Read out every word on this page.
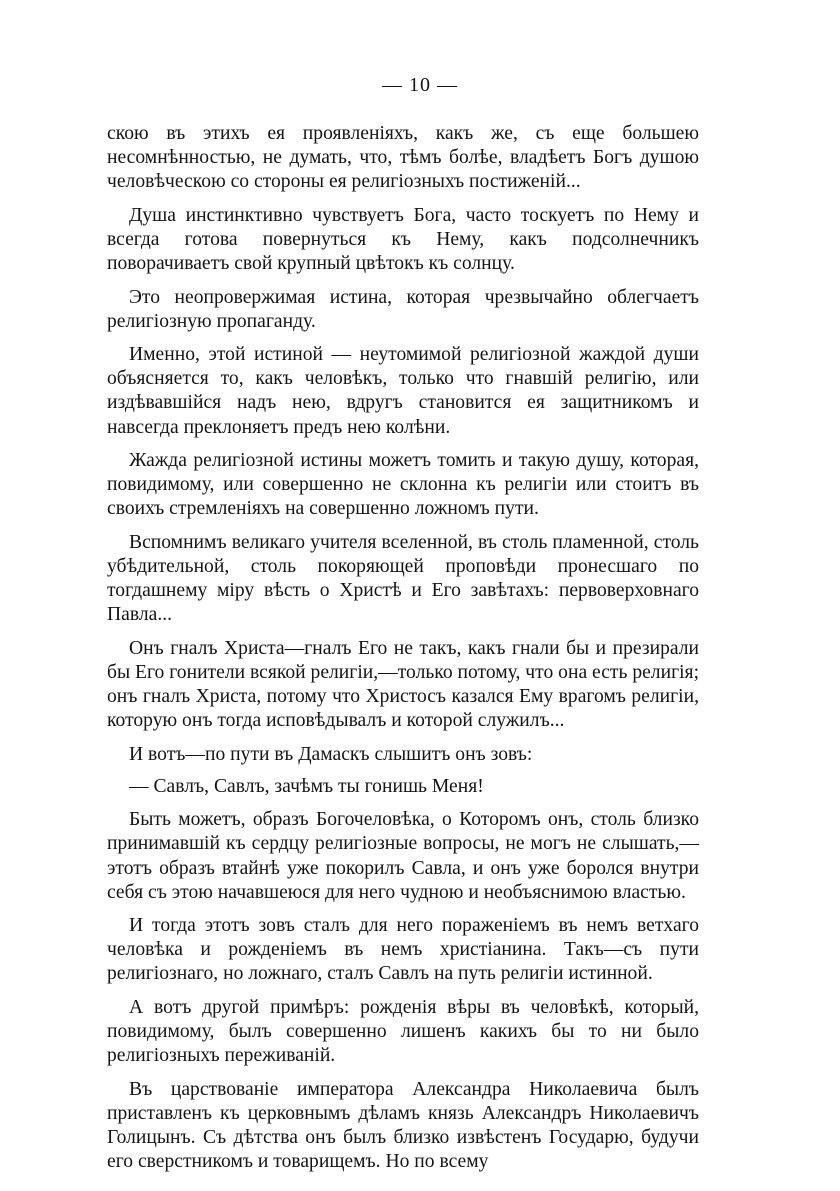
— 10 —

скою въ этихъ ея проявленіяхъ, какъ же, съ еще большею несомнѣнностью, не думать, что, тѣмъ болѣе, владѣетъ Богъ душою человѣческою со стороны ея религіозныхъ постиженій...

Душа инстинктивно чувствуетъ Бога, часто тоскуетъ по Нему и всегда готова повернуться къ Нему, какъ подсолнечникъ поворачиваетъ свой крупный цвѣтокъ къ солнцу.

Это неопровержимая истина, которая чрезвычайно облегчаетъ религіозную пропаганду.

Именно, этой истиной — неутомимой религіозной жаждой души объясняется то, какъ человѣкъ, только что гнавшій религію, или издѣвавшійся надъ нею, вдругъ становится ея защитникомъ и навсегда преклоняетъ предъ нею колѣни.

Жажда религіозной истины можетъ томить и такую душу, которая, повидимому, или совершенно не склонна къ религіи или стоитъ въ своихъ стремленіяхъ на совершенно ложномъ пути.

Вспомнимъ великаго учителя вселенной, въ столь пламенной, столь убѣдительной, столь покоряющей проповѣди пронесшаго по тогдашнему міру вѣсть о Христѣ и Его завѣтахъ: первоверховнаго Павла...

Онъ гналъ Христа—гналъ Его не такъ, какъ гнали бы и презирали бы Его гонители всякой религіи,—только потому, что она есть религія; онъ гналъ Христа, потому что Христосъ казался Ему врагомъ религіи, которую онъ тогда исповѣдывалъ и которой служилъ...

И вотъ—по пути въ Дамаскъ слышитъ онъ зовъ:

— Савлъ, Савлъ, зачѣмъ ты гонишь Меня!

Быть можетъ, образъ Богочеловѣка, о Которомъ онъ, столь близко принимавшій къ сердцу религіозные вопросы, не могъ не слышать,—этотъ образъ втайнѣ уже покорилъ Савла, и онъ уже боролся внутри себя съ этою начавшеюся для него чудною и необъяснимою властью.

И тогда этотъ зовъ сталъ для него пораженіемъ въ немъ ветхаго человѣка и рожденіемъ въ немъ христіанина. Такъ—съ пути религіознаго, но ложнаго, сталъ Савлъ на путь религіи истинной.

А вотъ другой примѣръ: рожденія вѣры въ человѣкѣ, который, повидимому, былъ совершенно лишенъ какихъ бы то ни было религіозныхъ переживаній.

Въ царствованіе императора Александра Николаевича былъ приставленъ къ церковнымъ дѣламъ князь Александръ Николаевичъ Голицынъ. Съ дѣтства онъ былъ близко извѣстенъ Государю, будучи его сверстникомъ и товарищемъ. Но по всему
